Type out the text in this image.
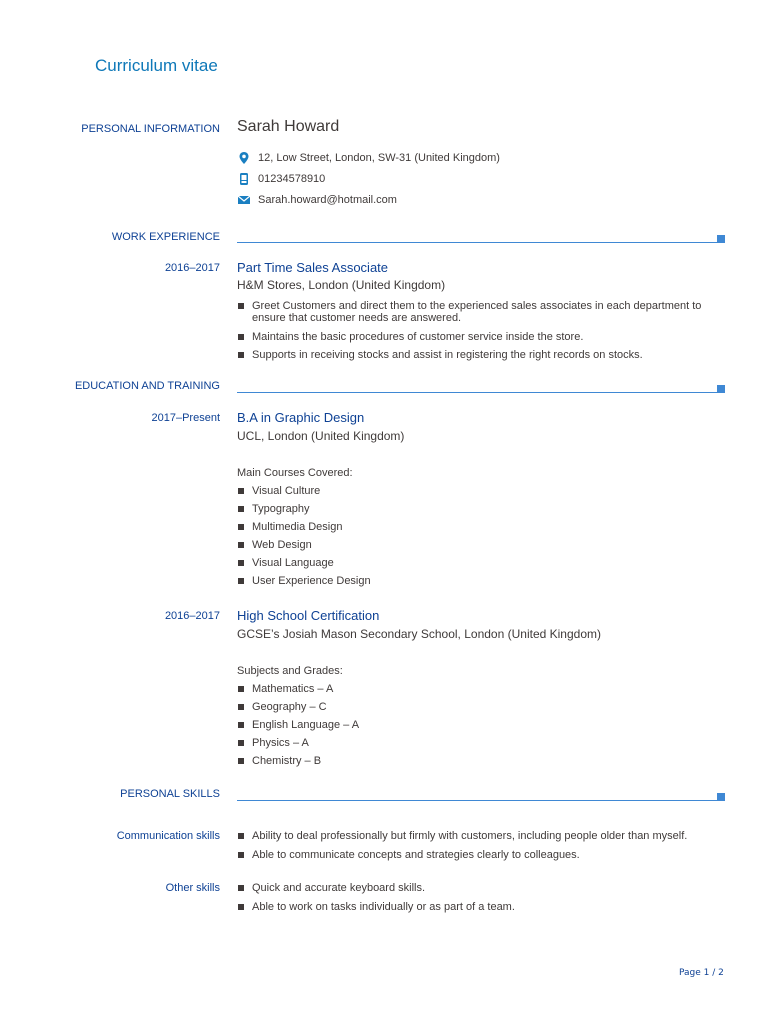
Curriculum vitae
PERSONAL INFORMATION Sarah Howard
12, Low Street, London, SW-31 (United Kingdom)
01234578910
Sarah.howard@hotmail.com
WORK EXPERIENCE
2016–2017 Part Time Sales Associate
H&M Stores, London (United Kingdom)
Greet Customers and direct them to the experienced sales associates in each department to ensure that customer needs are answered.
Maintains the basic procedures of customer service inside the store.
Supports in receiving stocks and assist in registering the right records on stocks.
EDUCATION AND TRAINING
2017–Present B.A in Graphic Design
UCL, London (United Kingdom)
Main Courses Covered:
Visual Culture
Typography
Multimedia Design
Web Design
Visual Language
User Experience Design
2016–2017 High School Certification
GCSE’s Josiah Mason Secondary School, London (United Kingdom)
Subjects and Grades:
Mathematics – A
Geography – C
English Language – A
Physics – A
Chemistry – B
PERSONAL SKILLS
Communication skills	Ability to deal professionally but firmly with customers, including people older than myself.
Able to communicate concepts and strategies clearly to colleagues.
Other skills	Quick and accurate keyboard skills.
Able to work on tasks individually or as part of a team.
Page 1 / 2
